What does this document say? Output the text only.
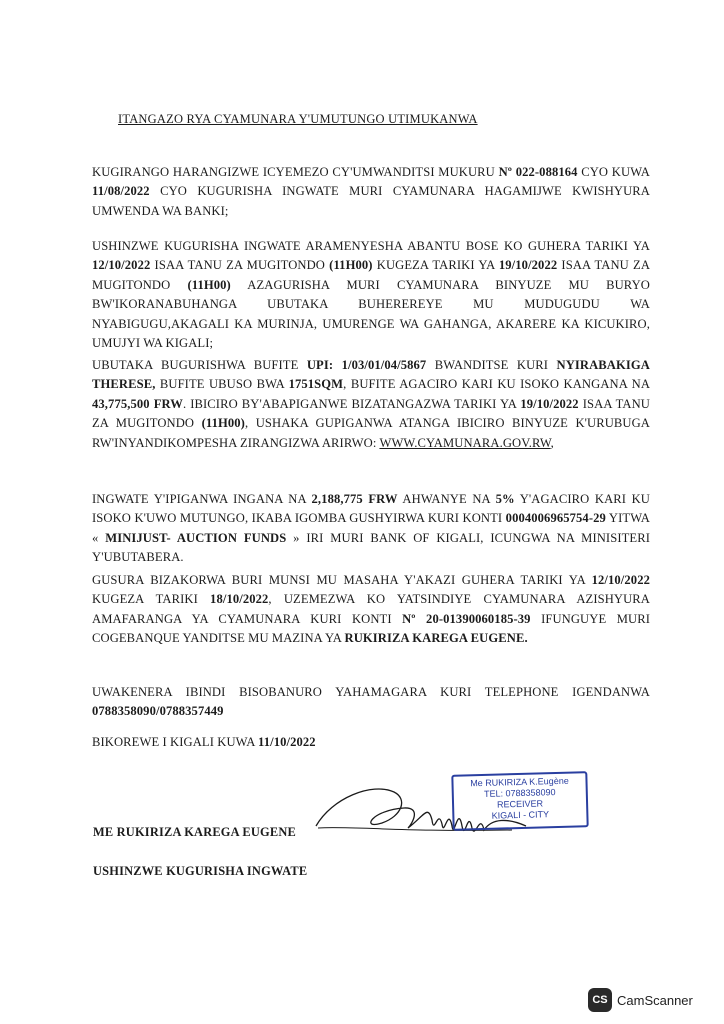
ITANGAZO RYA CYAMUNARA Y'UMUTUNGO UTIMUKANWA
KUGIRANGO HARANGIZWE ICYEMEZO CY'UMWANDITSI MUKURU Nº 022-088164 CYO KUWA 11/08/2022 CYO KUGURISHA INGWATE MURI CYAMUNARA HAGAMIJWE KWISHYURA UMWENDA WA BANKI;
USHINZWE KUGURISHA INGWATE ARAMENYESHA ABANTU BOSE KO GUHERA TARIKI YA 12/10/2022 ISAA TANU ZA MUGITONDO (11H00) KUGEZA TARIKI YA 19/10/2022 ISAA TANU ZA MUGITONDO (11H00) AZAGURISHA MURI CYAMUNARA BINYUZE MU BURYO BW'IKORANABUHANGA UBUTAKA BUHEREREYE MU MUDUGUDU WA NYABIGUGU,AKAGALI KA MURINJA, UMURENGE WA GAHANGA, AKARERE KA KICUKIRO, UMUJYI WA KIGALI;
UBUTAKA BUGURISHWA BUFITE UPI: 1/03/01/04/5867 BWANDITSE KURI NYIRABAKIGA THERESE, BUFITE UBUSO BWA 1751SQM, BUFITE AGACIRO KARI KU ISOKO KANGANA NA 43,775,500 FRW. IBICIRO BY'ABAPIGANWE BIZATANGAZWA TARIKI YA 19/10/2022 ISAA TANU ZA MUGITONDO (11H00), USHAKA GUPIGANWA ATANGA IBICIRO BINYUZE K'URUBUGA RW'INYANDIKOMPESHA ZIRANGIZWA ARIRWO: WWW.CYAMUNARA.GOV.RW,
INGWATE Y'IPIGANWA INGANA NA 2,188,775 FRW AHWANYE NA 5% Y'AGACIRO KARI KU ISOKO K'UWO MUTUNGO, IKABA IGOMBA GUSHYIRWA KURI KONTI 0004006965754-29 YITWA « MINIJUST- AUCTION FUNDS » IRI MURI BANK OF KIGALI, ICUNGWA NA MINISITERI Y'UBUTABERA.
GUSURA BIZAKORWA BURI MUNSI MU MASAHA Y'AKAZI GUHERA TARIKI YA 12/10/2022 KUGEZA TARIKI 18/10/2022, UZEMEZWA KO YATSINDIYE CYAMUNARA AZISHYURA AMAFARANGA YA CYAMUNARA KURI KONTI Nº 20-01390060185-39 IFUNGUYE MURI COGEBANQUE YANDITSE MU MAZINA YA RUKIRIZA KAREGA EUGENE.
UWAKENERA IBINDI BISOBANURO YAHAMAGARA KURI TELEPHONE IGENDANWA 0788358090/0788357449
BIKOREWE I KIGALI KUWA 11/10/2022
Me RUKIRIZA K.Eugène
TEL: 0788358090
RECEIVER
KIGALI - CITY
ME RUKIRIZA KAREGA EUGENE
USHINZWE KUGURISHA INGWATE
CS CamScanner
